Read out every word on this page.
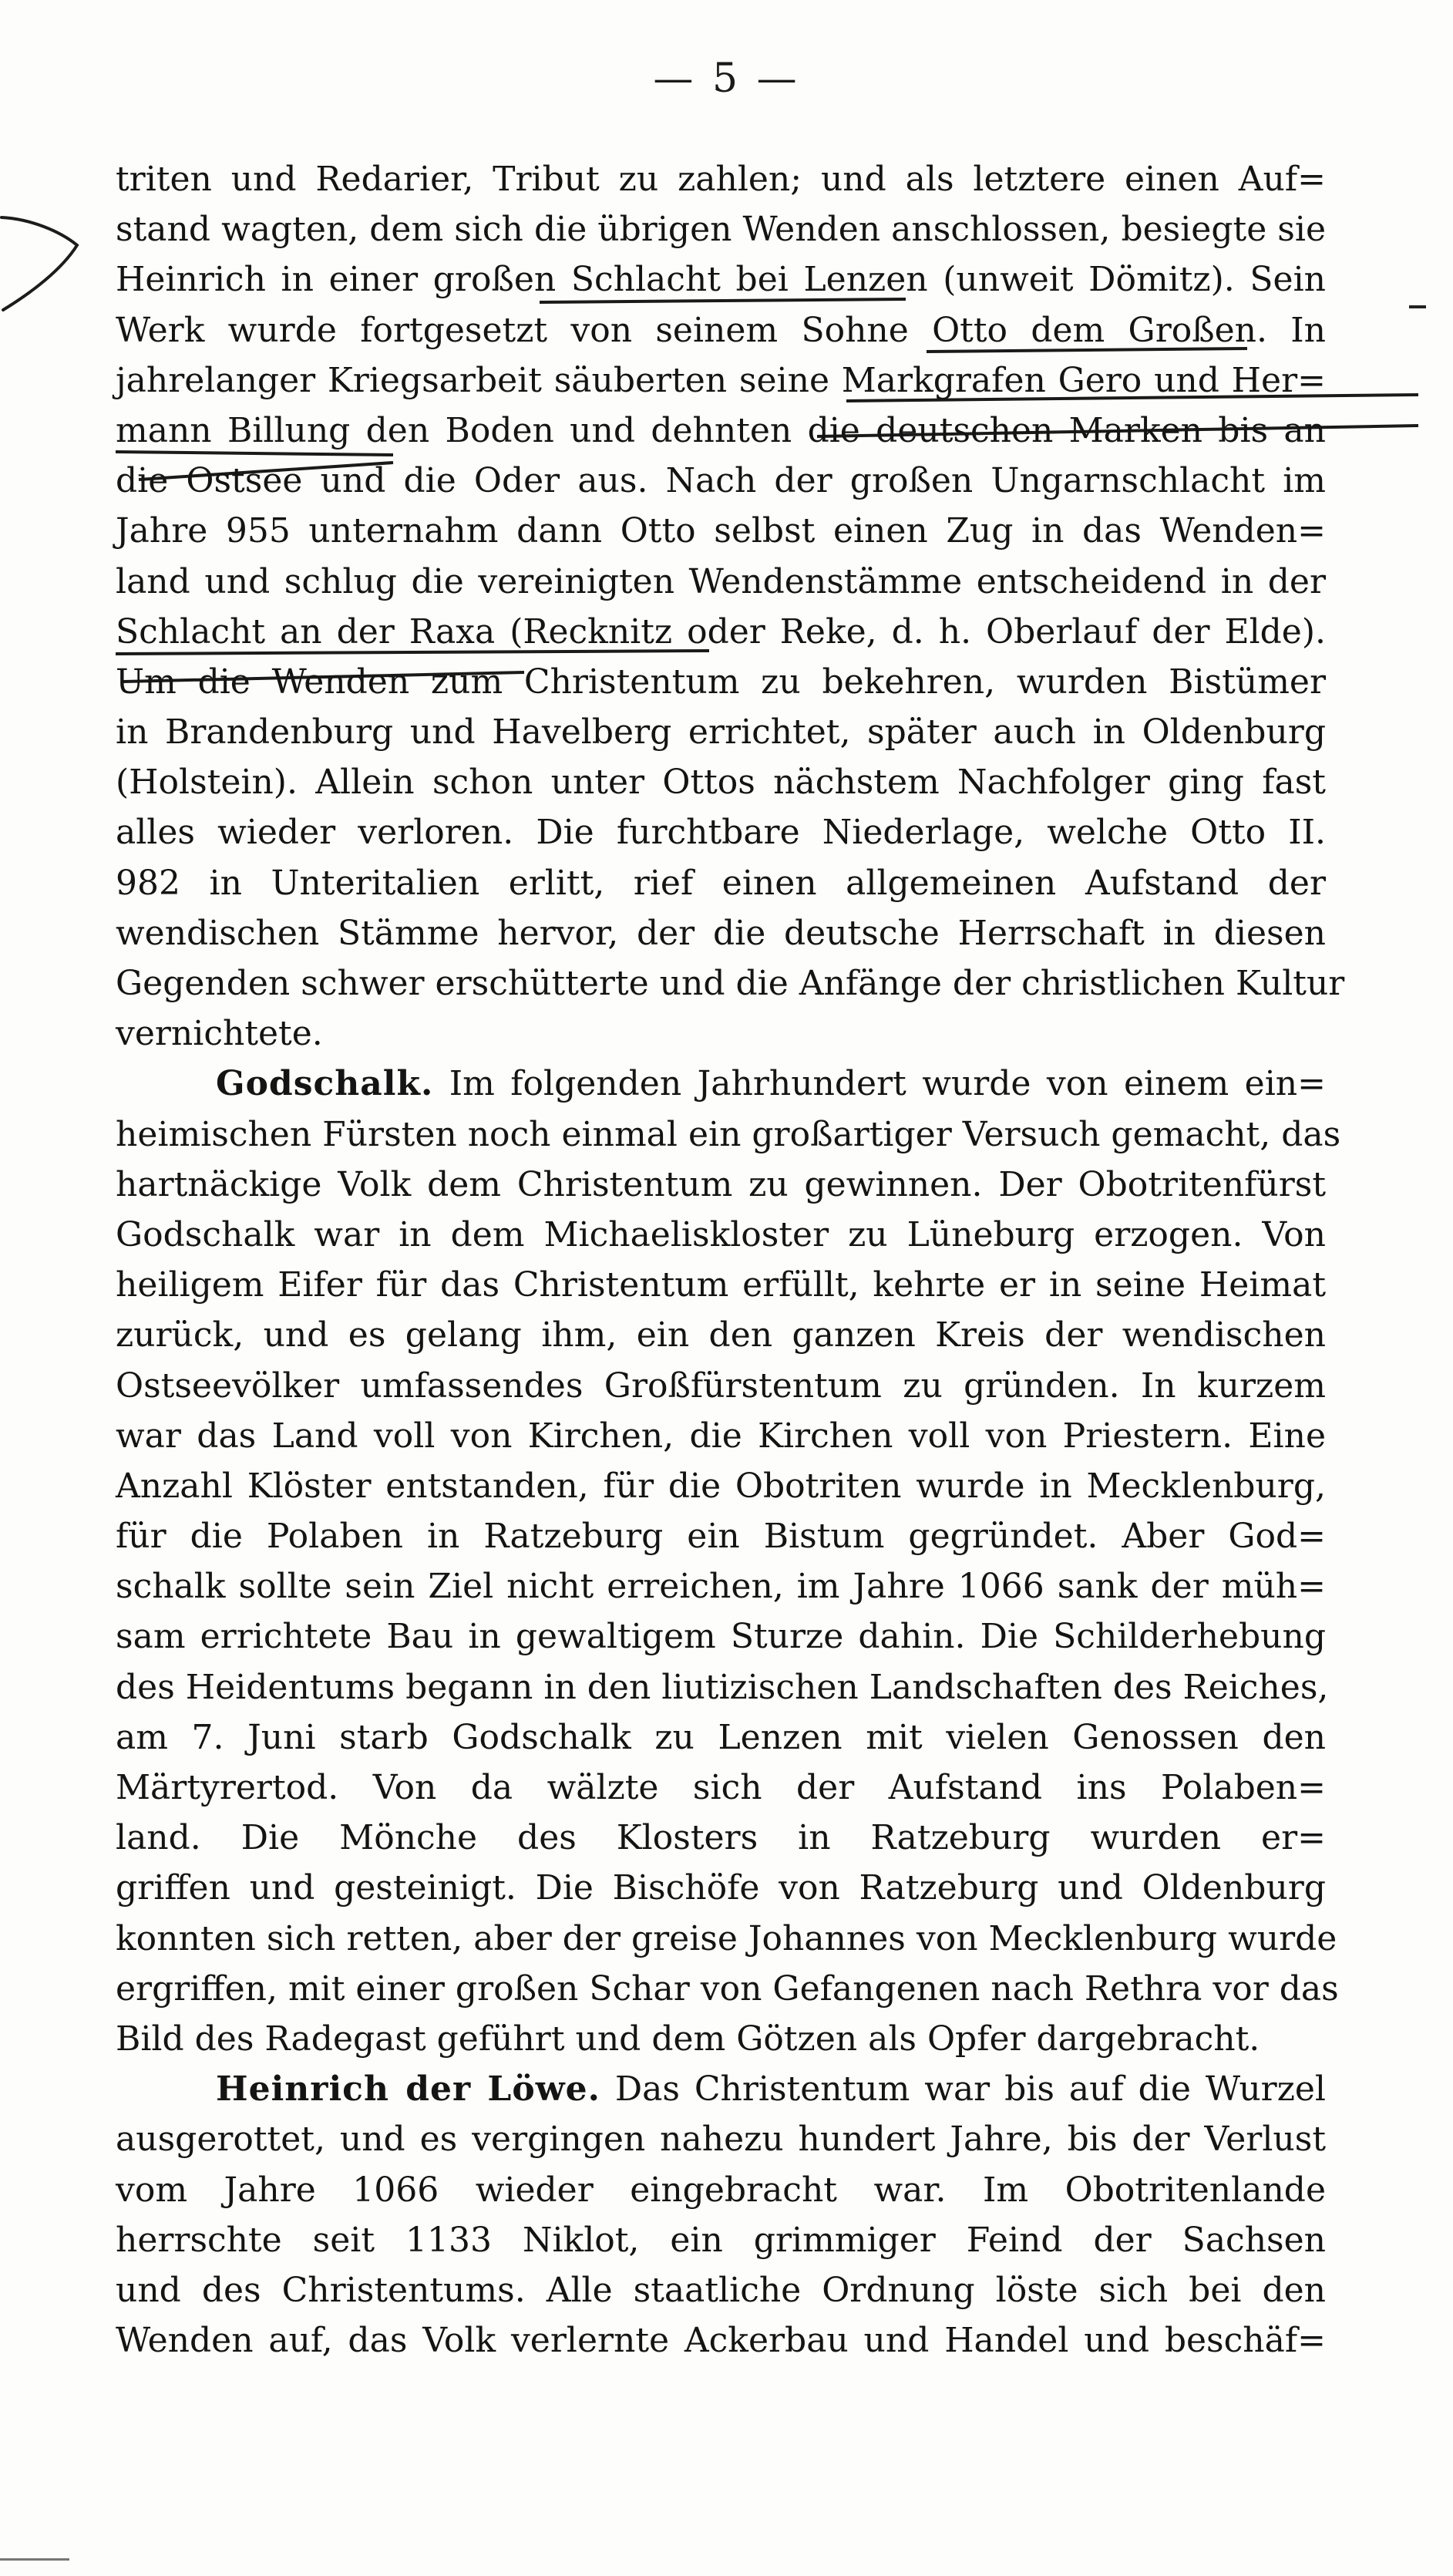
— 5 —
triten und Redarier, Tribut zu zahlen; und als letztere einen Auf=
stand wagten, dem sich die übrigen Wenden anschlossen, besiegte sie
Heinrich in einer großen Schlacht bei Lenzen (unweit Dömitz). Sein
Werk wurde fortgesetzt von seinem Sohne Otto dem Großen. In
jahrelanger Kriegsarbeit säuberten seine Markgrafen Gero und Her=
mann Billung den Boden und dehnten die deutschen Marken bis an
die Ostsee und die Oder aus. Nach der großen Ungarnschlacht im
Jahre 955 unternahm dann Otto selbst einen Zug in das Wenden=
land und schlug die vereinigten Wendenstämme entscheidend in der
Schlacht an der Raxa (Recknitz oder Reke, d. h. Oberlauf der Elde).
Um die Wenden zum Christentum zu bekehren, wurden Bistümer
in Brandenburg und Havelberg errichtet, später auch in Oldenburg
(Holstein). Allein schon unter Ottos nächstem Nachfolger ging fast
alles wieder verloren. Die furchtbare Niederlage, welche Otto II.
982 in Unteritalien erlitt, rief einen allgemeinen Aufstand der
wendischen Stämme hervor, der die deutsche Herrschaft in diesen
Gegenden schwer erschütterte und die Anfänge der christlichen Kultur
vernichtete.
Godschalk. Im folgenden Jahrhundert wurde von einem ein=
heimischen Fürsten noch einmal ein großartiger Versuch gemacht, das
hartnäckige Volk dem Christentum zu gewinnen. Der Obotritenfürst
Godschalk war in dem Michaeliskloster zu Lüneburg erzogen. Von
heiligem Eifer für das Christentum erfüllt, kehrte er in seine Heimat
zurück, und es gelang ihm, ein den ganzen Kreis der wendischen
Ostseevölker umfassendes Großfürstentum zu gründen. In kurzem
war das Land voll von Kirchen, die Kirchen voll von Priestern. Eine
Anzahl Klöster entstanden, für die Obotriten wurde in Mecklenburg,
für die Polaben in Ratzeburg ein Bistum gegründet. Aber God=
schalk sollte sein Ziel nicht erreichen, im Jahre 1066 sank der müh=
sam errichtete Bau in gewaltigem Sturze dahin. Die Schilderhebung
des Heidentums begann in den liutizischen Landschaften des Reiches,
am 7. Juni starb Godschalk zu Lenzen mit vielen Genossen den
Märtyrertod. Von da wälzte sich der Aufstand ins Polaben=
land. Die Mönche des Klosters in Ratzeburg wurden er=
griffen und gesteinigt. Die Bischöfe von Ratzeburg und Oldenburg
konnten sich retten, aber der greise Johannes von Mecklenburg wurde
ergriffen, mit einer großen Schar von Gefangenen nach Rethra vor das
Bild des Radegast geführt und dem Götzen als Opfer dargebracht.
Heinrich der Löwe. Das Christentum war bis auf die Wurzel
ausgerottet, und es vergingen nahezu hundert Jahre, bis der Verlust
vom Jahre 1066 wieder eingebracht war. Im Obotritenlande
herrschte seit 1133 Niklot, ein grimmiger Feind der Sachsen
und des Christentums. Alle staatliche Ordnung löste sich bei den
Wenden auf, das Volk verlernte Ackerbau und Handel und beschäf=
